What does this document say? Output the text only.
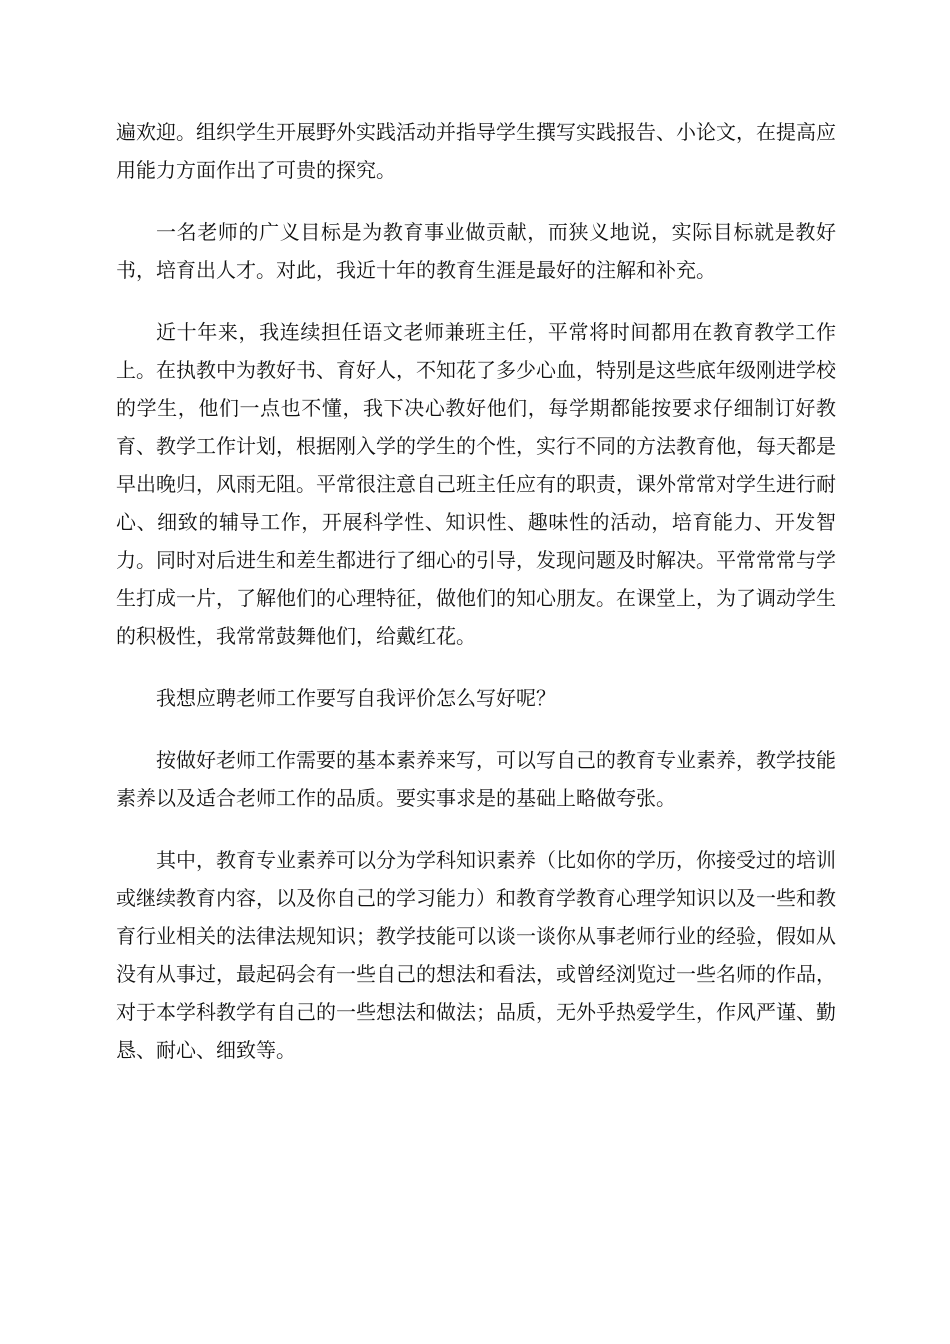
遍欢迎。组织学生开展野外实践活动并指导学生撰写实践报告、小论文，在提高应用能力方面作出了可贵的探究。

一名老师的广义目标是为教育事业做贡献，而狭义地说，实际目标就是教好书，培育出人才。对此，我近十年的教育生涯是最好的注解和补充。

近十年来，我连续担任语文老师兼班主任，平常将时间都用在教育教学工作上。在执教中为教好书、育好人，不知花了多少心血，特别是这些底年级刚进学校的学生，他们一点也不懂，我下决心教好他们，每学期都能按要求仔细制订好教育、教学工作计划，根据刚入学的学生的个性，实行不同的方法教育他，每天都是早出晚归，风雨无阻。平常很注意自己班主任应有的职责，课外常常对学生进行耐心、细致的辅导工作，开展科学性、知识性、趣味性的活动，培育能力、开发智力。同时对后进生和差生都进行了细心的引导，发现问题及时解决。平常常常与学生打成一片，了解他们的心理特征，做他们的知心朋友。在课堂上，为了调动学生的积极性，我常常鼓舞他们，给戴红花。

我想应聘老师工作要写自我评价怎么写好呢？

按做好老师工作需要的基本素养来写，可以写自己的教育专业素养，教学技能素养以及适合老师工作的品质。要实事求是的基础上略做夸张。

其中，教育专业素养可以分为学科知识素养（比如你的学历，你接受过的培训或继续教育内容，以及你自己的学习能力）和教育学教育心理学知识以及一些和教育行业相关的法律法规知识；教学技能可以谈一谈你从事老师行业的经验，假如从没有从事过，最起码会有一些自己的想法和看法，或曾经浏览过一些名师的作品，对于本学科教学有自己的一些想法和做法；品质，无外乎热爱学生，作风严谨、勤恳、耐心、细致等。
